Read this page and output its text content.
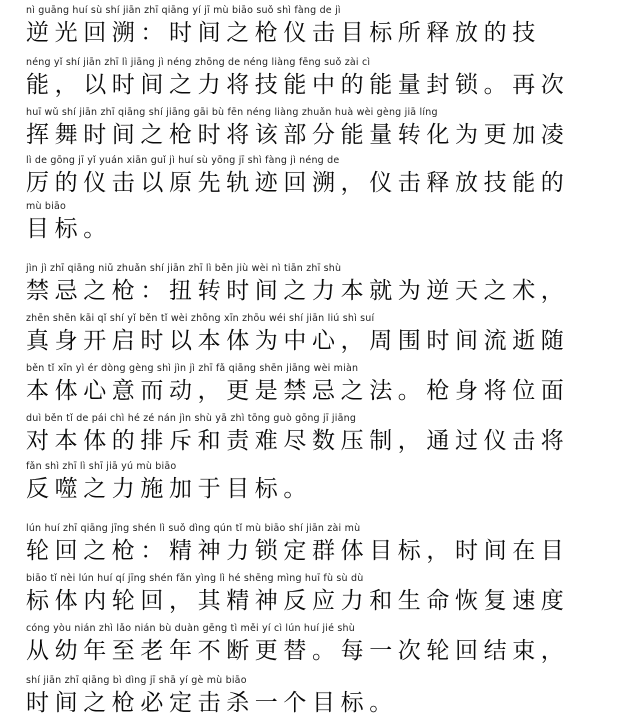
nì guāng huí sù shí jiān zhī qiāng yí jī mù biāo suǒ shì fàng de jì
逆光回溯：时间之枪仪击目标所释放的技
néng yǐ shí jiān zhī lì jiāng jì néng zhōng de néng liàng fēng suǒ zài cì
能，以时间之力将技能中的能量封锁。再次
huī wǔ shí jiān zhī qiāng shí jiāng gāi bù fēn néng liàng zhuǎn huà wèi gèng jiā líng
挥舞时间之枪时将该部分能量转化为更加凌
lì de gōng jī yǐ yuán xiān guǐ jì huí sù yōng jī shì fàng jì néng de
厉的仪击以原先轨迹回溯，仪击释放技能的
mù biāo
目标。
jìn jì zhī qiāng niǔ zhuǎn shí jiān zhī lì běn jiù wèi nì tiān zhī shù
禁忌之枪：扭转时间之力本就为逆天之术，
zhēn shēn kāi qǐ shí yǐ běn tǐ wèi zhōng xīn zhōu wéi shí jiān liú shì suí
真身开启时以本体为中心，周围时间流逝随
běn tǐ xīn yì ér dòng gèng shì jìn jì zhī fǎ qiāng shēn jiāng wèi miàn
本体心意而动，更是禁忌之法。枪身将位面
duì běn tǐ de pái chì hé zé nán jìn shù yā zhì tōng guò gōng jī jiāng
对本体的排斥和责难尽数压制，通过仪击将
fǎn shì zhī lì shī jiā yú mù biāo
反噬之力施加于目标。
lún huí zhī qiāng jīng shén lì suǒ dìng qún tǐ mù biāo shí jiān zài mù
轮回之枪：精神力锁定群体目标，时间在目
biāo tǐ nèi lún huí qí jīng shén fǎn yìng lì hé shēng mìng huī fù sù dù
标体内轮回，其精神反应力和生命恢复速度
cóng yòu nián zhì lǎo nián bù duàn gēng tì měi yí cì lún huí jié shù
从幼年至老年不断更替。每一次轮回结束，
shí jiān zhī qiāng bì dìng jī shā yí gè mù biāo
时间之枪必定击杀一个目标。
